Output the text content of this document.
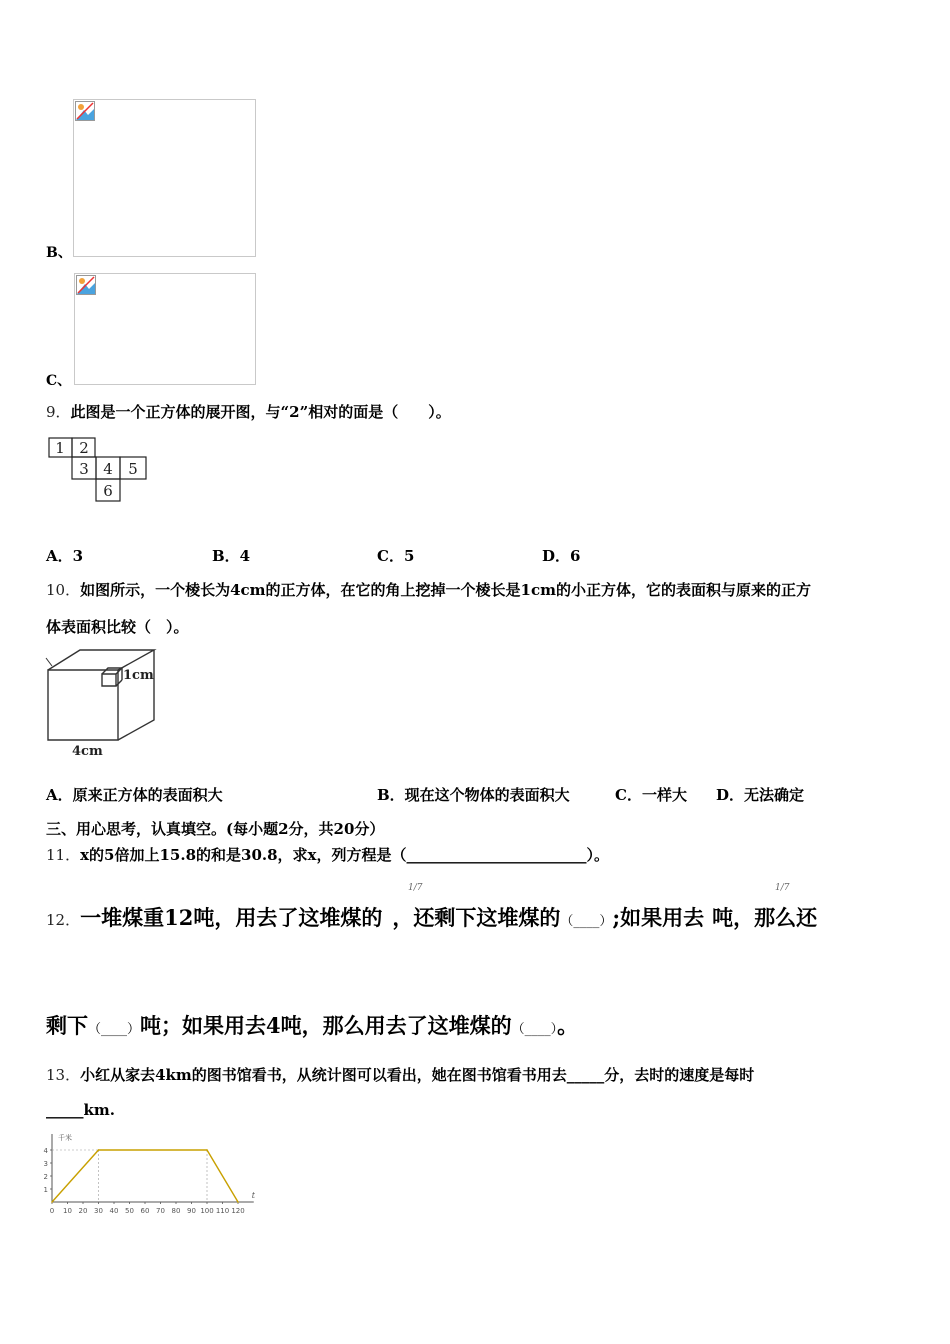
B、
C、
9．此图是一个正方体的展开图，与“2”相对的面是（　　）。
1 2
3 4 5
6
A．3	B．4	C．5	D．6
10．如图所示，一个棱长为4cm的正方体，在它的角上挖掉一个棱长是1cm的小正方体，它的表面积与原来的正方
体表面积比较（　）。
1cm
4cm
A．原来正方体的表面积大	B．现在这个物体的表面积大	C．一样大 D．无法确定
三、用心思考，认真填空。(每小题2分，共20分）
11．x的5倍加上15.8的和是30.8，求x，列方程是（________________________）。
1/7	1/7
12．一堆煤重12吨，用去了这堆煤的 ，还剩下这堆煤的（____）;如果用去 吨，那么还
剩下（____）吨；如果用去4吨，那么用去了这堆煤的（____）。
13．小红从家去4km的图书馆看书，从统计图可以看出，她在图书馆看书用去_____分，去时的速度是每时
_____km.
1
2
3
4
0 10 20 30 40 50 60 70 80 90 100 110 120
千米
t
